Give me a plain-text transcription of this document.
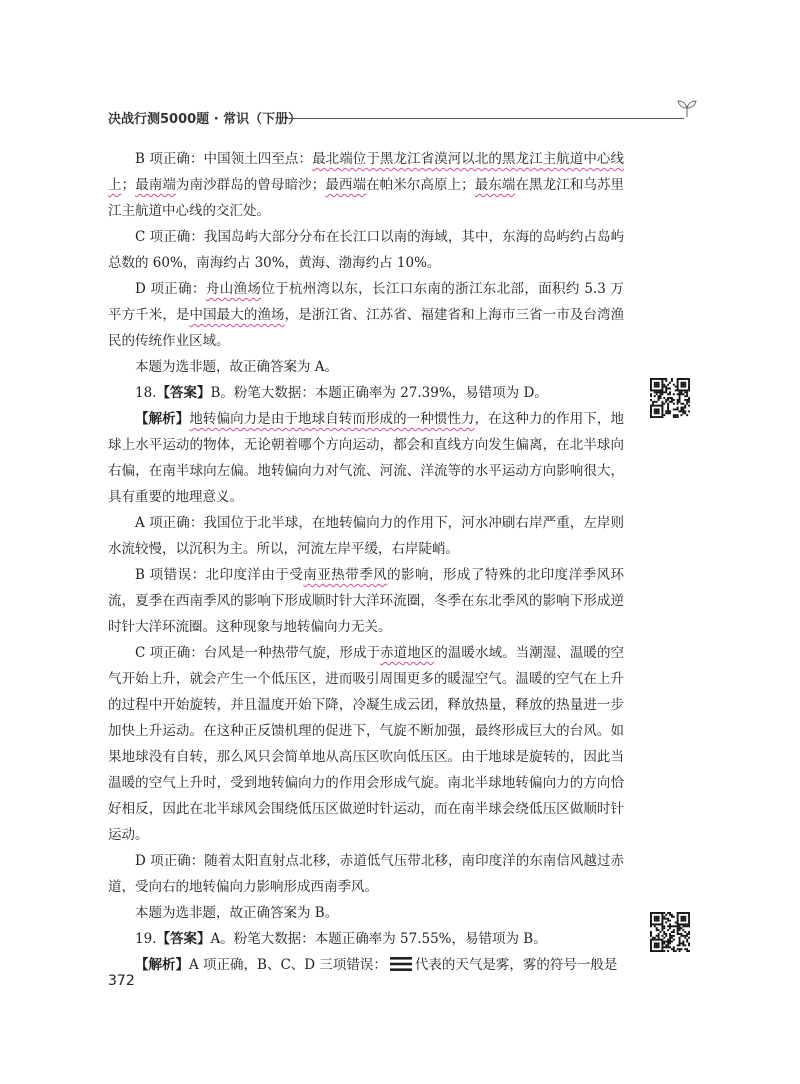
决战行测5000题 · 常识（下册）

B 项正确：中国领土四至点：最北端位于黑龙江省漠河以北的黑龙江主航道中心线上；最南端为南沙群岛的曾母暗沙；最西端在帕米尔高原上；最东端在黑龙江和乌苏里江主航道中心线的交汇处。

C 项正确：我国岛屿大部分分布在长江口以南的海域，其中，东海的岛屿约占岛屿总数的 60%，南海约占 30%，黄海、渤海约占 10%。

D 项正确：舟山渔场位于杭州湾以东，长江口东南的浙江东北部，面积约 5.3 万平方千米，是中国最大的渔场，是浙江省、江苏省、福建省和上海市三省一市及台湾渔民的传统作业区域。

本题为选非题，故正确答案为 A。

18.【答案】B。粉笔大数据：本题正确率为 27.39%，易错项为 D。

【解析】地转偏向力是由于地球自转而形成的一种惯性力，在这种力的作用下，地球上水平运动的物体，无论朝着哪个方向运动，都会和直线方向发生偏离，在北半球向右偏，在南半球向左偏。地转偏向力对气流、河流、洋流等的水平运动方向影响很大，具有重要的地理意义。

A 项正确：我国位于北半球，在地转偏向力的作用下，河水冲刷右岸严重，左岸则水流较慢，以沉积为主。所以，河流左岸平缓，右岸陡峭。

B 项错误：北印度洋由于受南亚热带季风的影响，形成了特殊的北印度洋季风环流，夏季在西南季风的影响下形成顺时针大洋环流圈，冬季在东北季风的影响下形成逆时针大洋环流圈。这种现象与地转偏向力无关。

C 项正确：台风是一种热带气旋，形成于赤道地区的温暖水域。当潮湿、温暖的空气开始上升，就会产生一个低压区，进而吸引周围更多的暖湿空气。温暖的空气在上升的过程中开始旋转，并且温度开始下降，冷凝生成云团，释放热量，释放的热量进一步加快上升运动。在这种正反馈机理的促进下，气旋不断加强，最终形成巨大的台风。如果地球没有自转，那么风只会简单地从高压区吹向低压区。由于地球是旋转的，因此当温暖的空气上升时，受到地转偏向力的作用会形成气旋。南北半球地转偏向力的方向恰好相反，因此在北半球风会围绕低压区做逆时针运动，而在南半球会绕低压区做顺时针运动。

D 项正确：随着太阳直射点北移，赤道低气压带北移，南印度洋的东南信风越过赤道，受向右的地转偏向力影响形成西南季风。

本题为选非题，故正确答案为 B。

19.【答案】A。粉笔大数据：本题正确率为 57.55%，易错项为 B。

【解析】A 项正确，B、C、D 三项错误： 代表的天气是雾，雾的符号一般是

372
